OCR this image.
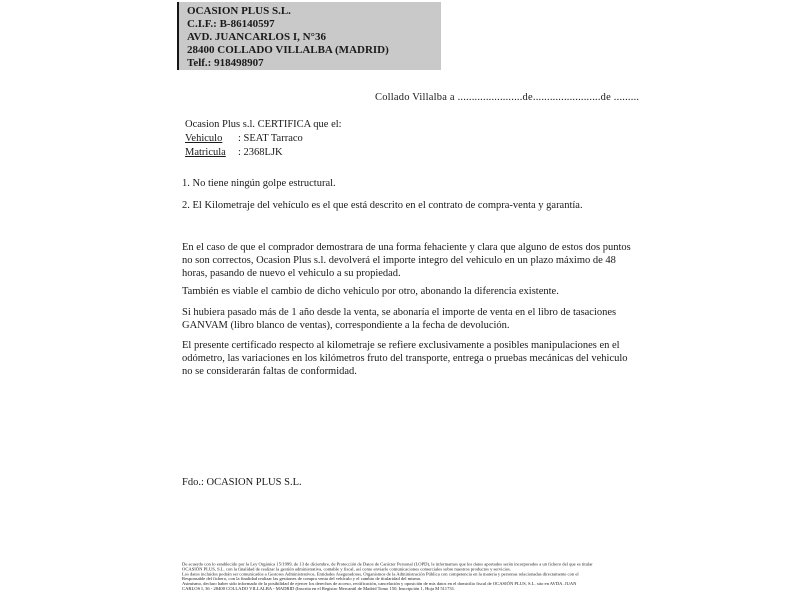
OCASION PLUS S.L.
C.I.F.: B-86140597
AVD. JUANCARLOS I, N°36
28400 COLLADO VILLALBA (MADRID)
Telf.: 918498907
Collado Villalba a .......................de........................de .........
Ocasion Plus s.l. CERTIFICA que el:
Vehiculo : SEAT Tarraco
Matricula : 2368LJK
1. No tiene ningún golpe estructural.
2. El Kilometraje del vehículo es el que está descrito en el contrato de compra-venta y garantía.
En el caso de que el comprador demostrara de una forma fehaciente y clara que alguno de estos dos puntos no son correctos, Ocasion Plus s.l. devolverá el importe integro del vehiculo en un plazo máximo de 48 horas, pasando de nuevo el vehiculo a su propiedad.
También es viable el cambio de dicho vehiculo por otro, abonando la diferencia existente.
Si hubiera pasado más de 1 año desde la venta, se abonaría el importe de venta en el libro de tasaciones GANVAM (libro blanco de ventas), correspondiente a la fecha de devolución.
El presente certificado respecto al kilometraje se refiere exclusivamente a posibles manipulaciones en el odómetro, las variaciones en los kilómetros fruto del transporte, entrega o pruebas mecánicas del vehiculo no se considerarán faltas de conformidad.
Fdo.: OCASION PLUS S.L.
De acuerdo con lo establecido por la Ley Orgánica 15/1999, de 13 de diciembre, de Protección de Datos de Carácter Personal (LOPD), le informamos que los datos aportados serán incorporados a un fichero del que es titular
OCASIÓN PLUS, S.L. con la finalidad de realizar la gestión administrativa, contable y fiscal, así como enviarle comunicaciones comerciales sobre nuestros productos y servicios.
Los datos incluidos podrán ser comunicados a Gestores Administrativos, Entidades Aseguradoras, Organismos de la Administración Pública con competencia en la materia y personas relacionadas directamente con el
Responsable del fichero, con la finalidad realizar las gestiones de compra venta del vehículo y el cambio de titularidad del mismo.
Asimismo, declaro haber sido informado de la posibilidad de ejercer los derechos de acceso, rectificación, cancelación y oposición de mis datos en el domicilio fiscal de OCASIÓN PLUS, S.L. sito en AVDA. JUAN
CARLOS I, 36 - 28400 COLLADO VILLALBA - MADRID (Inscrita en el Registro Mercantil de Madrid Tomo 150, Inscripción 1, Hoja M 511731.
